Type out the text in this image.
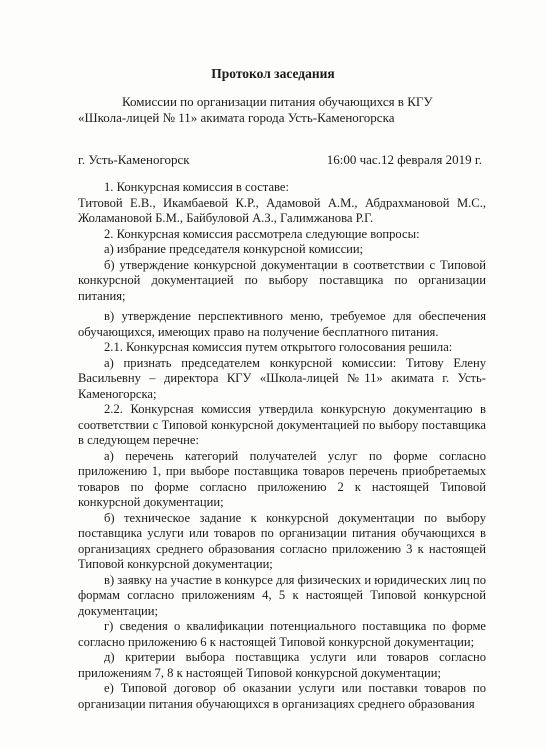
Протокол заседания
Комиссии по организации питания обучающихся в КГУ «Школа-лицей № 11» акимата города Усть-Каменогорска
г. Усть-Каменогорск	16:00 час.12 февраля 2019 г.

1. Конкурсная комиссия в составе:

Титовой Е.В., Икамбаевой К.Р., Адамовой А.М., Абдрахмановой М.С., Жоламановой Б.М., Байбуловой А.З., Галимжанова Р.Г.

2. Конкурсная комиссия рассмотрела следующие вопросы:

а) избрание председателя конкурсной комиссии;

б) утверждение конкурсной документации в соответствии с Типовой конкурсной документацией по выбору поставщика по организации питания;

в) утверждение перспективного меню, требуемое для обеспечения обучающихся, имеющих право на получение бесплатного питания.

2.1. Конкурсная комиссия путем открытого голосования решила:

а) признать председателем конкурсной комиссии: Титову Елену Васильевну – директора КГУ «Школа-лицей №11» акимата г. Усть-Каменогорска;

2.2. Конкурсная комиссия утвердила конкурсную документацию в соответствии с Типовой конкурсной документацией по выбору поставщика в следующем перечне:

а) перечень категорий получателей услуг по форме согласно приложению 1, при выборе поставщика товаров перечень приобретаемых товаров по форме согласно приложению 2 к настоящей Типовой конкурсной документации;

б) техническое задание к конкурсной документации по выбору поставщика услуги или товаров по организации питания обучающихся в организациях среднего образования согласно приложению 3 к настоящей Типовой конкурсной документации;

в) заявку на участие в конкурсе для физических и юридических лиц по формам согласно приложениям 4, 5 к настоящей Типовой конкурсной документации;

г) сведения о квалификации потенциального поставщика по форме согласно приложению 6 к настоящей Типовой конкурсной документации;

д) критерии выбора поставщика услуги или товаров согласно приложениям 7, 8 к настоящей Типовой конкурсной документации;

е) Типовой договор об оказании услуги или поставки товаров по организации питания обучающихся в организациях среднего образования
